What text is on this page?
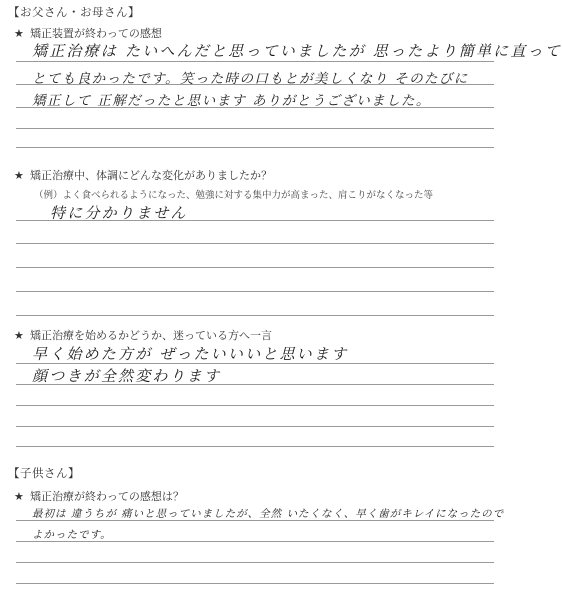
【お父さん・お母さん】
★ 矯正装置が終わっての感想
矯正治療は たいへんだと思っていましたが 思ったより簡単に直って
とても良かったです。笑った時の口もとが美しくなり そのたびに
矯正して 正解だったと思います ありがとうございました。
★ 矯正治療中、体調にどんな変化がありましたか？
（例）よく食べられるようになった、勉強に対する集中力が高まった、肩こりがなくなった等
特に分かりません
★ 矯正治療を始めるかどうか、迷っている方へ一言
早く始めた方が ぜったいいいと思います
顔つきが全然変わります
【子供さん】
★ 矯正治療が終わっての感想は？
最初は 違うちが 痛いと思っていましたが、全然 いたくなく、早く歯がキレイになったので
よかったです。
